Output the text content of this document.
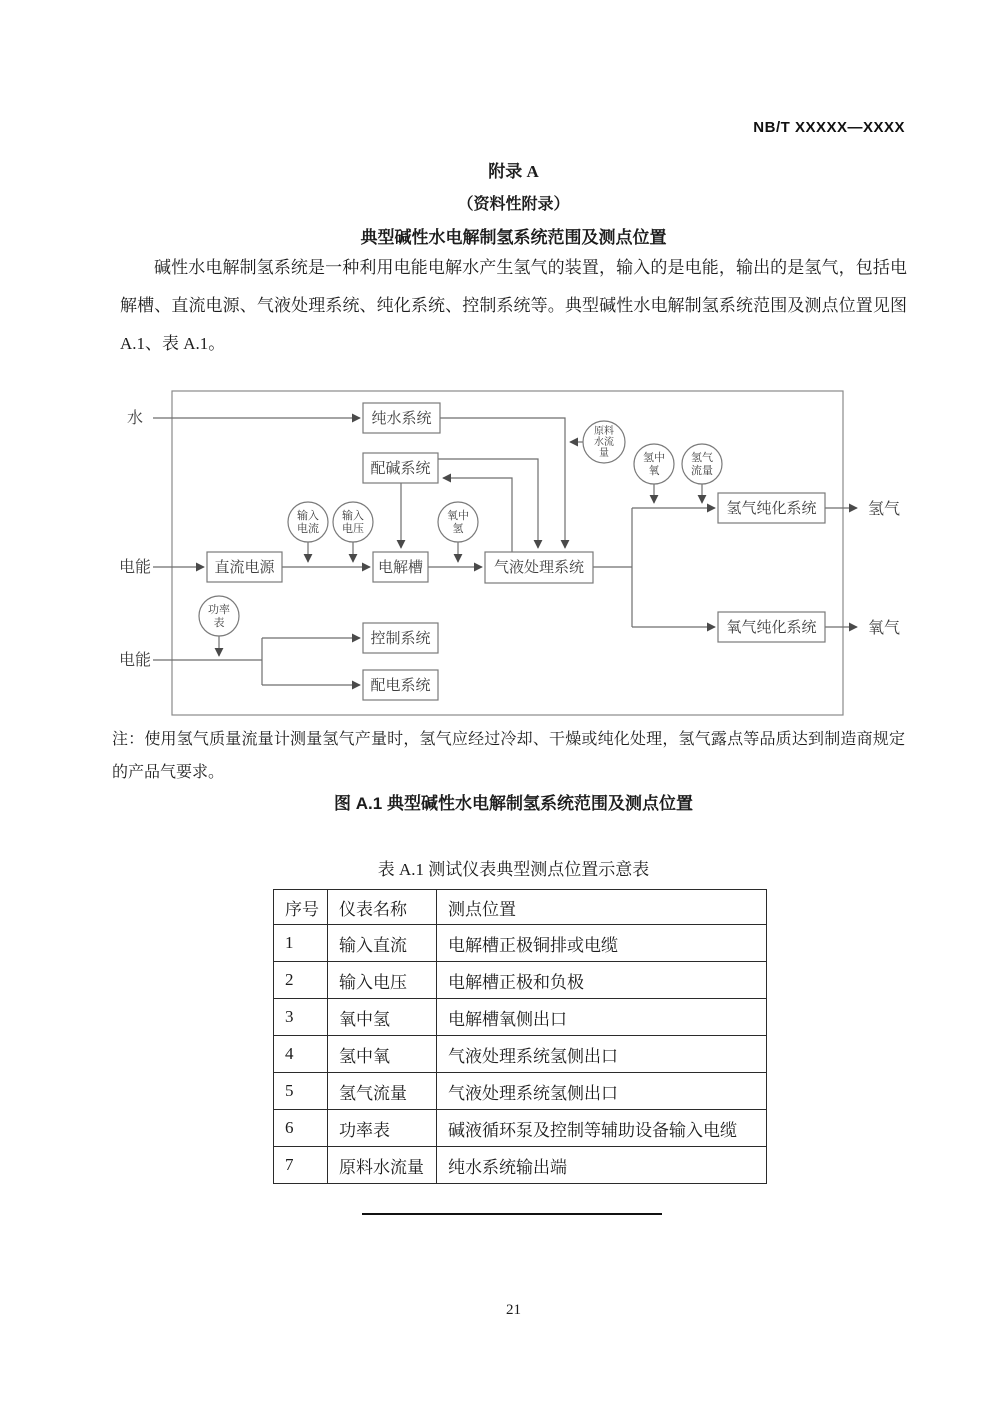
NB/T XXXXX—XXXX
附录 A
（资料性附录）
典型碱性水电解制氢系统范围及测点位置
碱性水电解制氢系统是一种利用电能电解水产生氢气的装置，输入的是电能，输出的是氢气，包括电解槽、直流电源、气液处理系统、纯化系统、控制系统等。典型碱性水电解制氢系统范围及测点位置见图 A.1、表 A.1。
纯水系统
配碱系统
直流电源	电解槽	气液处理系统
氢气纯化系统
氧气纯化系统
控制系统
配电系统
输入
电流
输入
电压
氧中
氢
原料
水流
量	氢中
氧
氢气
流量
功率
表
水
电能
电能
氢气
氧气
注：使用氢气质量流量计测量氢气产量时，氢气应经过冷却、干燥或纯化处理，氢气露点等品质达到制造商规定的产品气要求。
图 A.1 典型碱性水电解制氢系统范围及测点位置
表 A.1 测试仪表典型测点位置示意表
序号	仪表名称	测点位置
1	输入直流	电解槽正极铜排或电缆
2	输入电压	电解槽正极和负极
3	氧中氢	电解槽氧侧出口
4	氢中氧	气液处理系统氢侧出口
5	氢气流量	气液处理系统氢侧出口
6	功率表	碱液循环泵及控制等辅助设备输入电缆
7	原料水流量	纯水系统输出端
21
